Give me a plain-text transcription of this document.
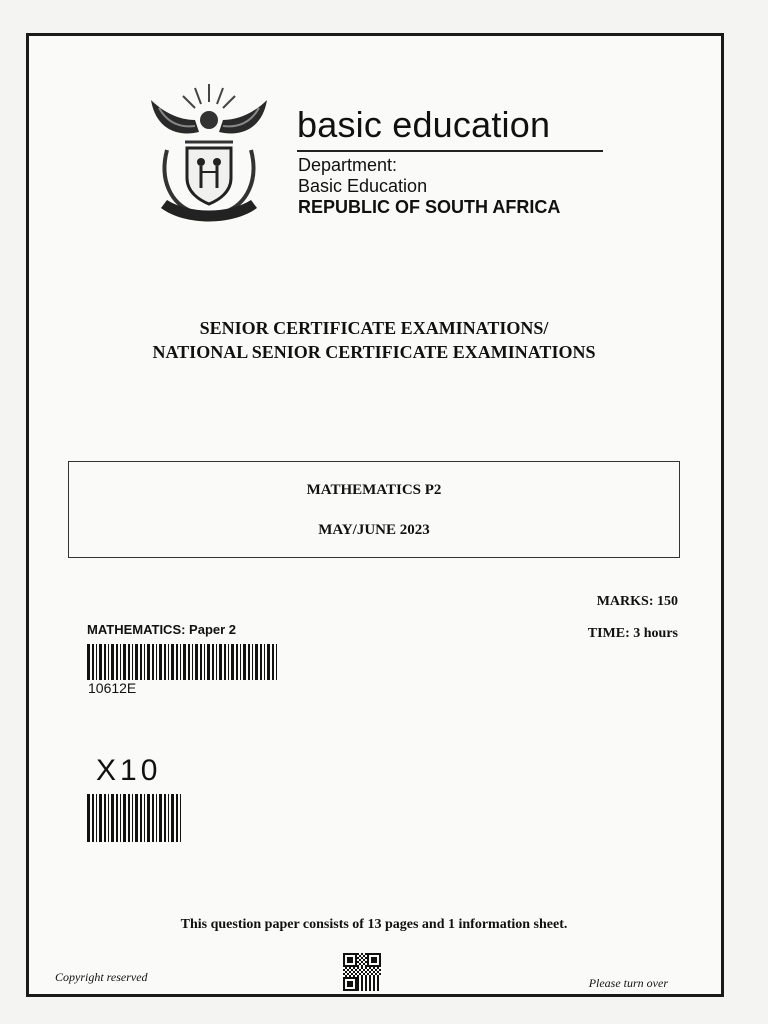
basic education
Department:
Basic Education
REPUBLIC OF SOUTH AFRICA
SENIOR CERTIFICATE EXAMINATIONS/
NATIONAL SENIOR CERTIFICATE EXAMINATIONS
MATHEMATICS P2
MAY/JUNE 2023
MARKS: 150
TIME: 3 hours
MATHEMATICS: Paper 2
10612E
X10
This question paper consists of 13 pages and 1 information sheet.
Copyright reserved	Please turn over
